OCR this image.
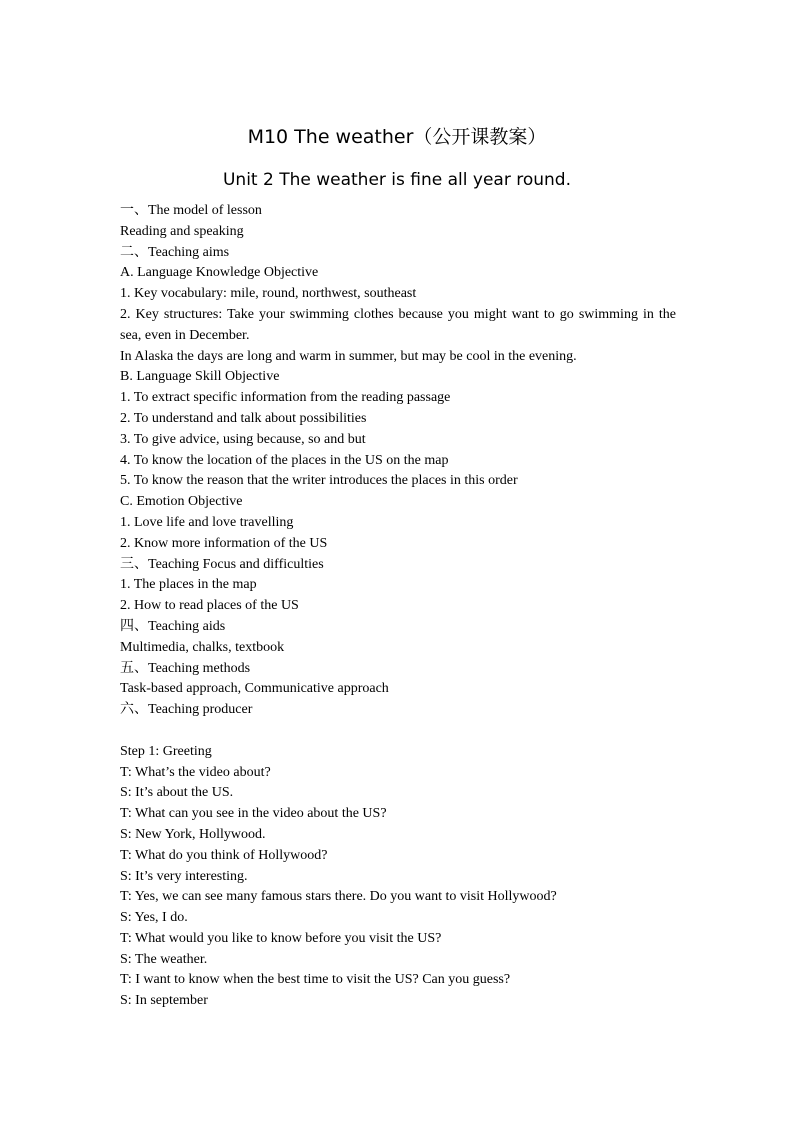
M10 The weather（公开课教案）
Unit 2 The weather is fine all year round.
一、The model of lesson
Reading and speaking
二、Teaching aims
A. Language Knowledge Objective
1. Key vocabulary: mile, round, northwest, southeast
2. Key structures: Take your swimming clothes because you might want to go swimming in the sea, even in December.
In Alaska the days are long and warm in summer, but may be cool in the evening.
B. Language Skill Objective
1. To extract specific information from the reading passage
2. To understand and talk about possibilities
3. To give advice, using because, so and but
4. To know the location of the places in the US on the map
5. To know the reason that the writer introduces the places in this order
C. Emotion Objective
1. Love life and love travelling
2. Know more information of the US
三、Teaching Focus and difficulties
1. The places in the map
2. How to read places of the US
四、Teaching aids
Multimedia, chalks, textbook
五、Teaching methods
Task-based approach, Communicative approach
六、Teaching producer
Step 1: Greeting
T: What’s the video about?
S: It’s about the US.
T: What can you see in the video about the US?
S: New York, Hollywood.
T: What do you think of Hollywood?
S: It’s very interesting.
T: Yes, we can see many famous stars there. Do you want to visit Hollywood?
S: Yes, I do.
T: What would you like to know before you visit the US?
S: The weather.
T: I want to know when the best time to visit the US? Can you guess?
S: In september
